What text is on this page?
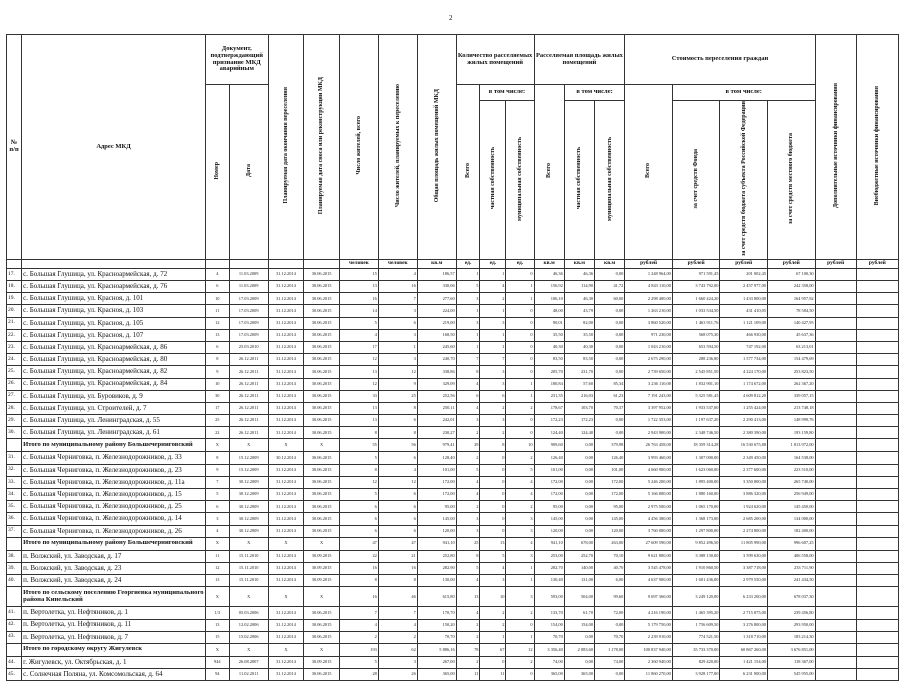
2
№ п/п	Адрес МКД	Документ, подтверждающий признание МКД аварийным		Планируемая дата окончания переселения	Планируемая дата сноса или реконструкции МКД	Число жителей, всего	Число жителей, планируемых к переселению	Общая площадь жилых помещений МКД	Количество расселяемых жилых помещений			Расселяемая площадь жилых помещений			Стоимость переселения граждан				Дополнительные источники финансирования	Внебюджетные источники финансирования
		Номер	Дата						Всего	в том числе:		Всего	в том числе:		Всего	в том числе:				
										частная собственность	муниципальная собственность		частная собственность	муниципальная собственность		за счет средств Фонда	за счет средств бюджета субъекта Российской Федерации	за счет средств местного бюджета		
						человек	человек	кв.м	ед.	ед.	ед.	кв.м	кв.м	кв.м	рублей	рублей	рублей	рублей	рублей	рублей
17.	с. Большая Глушица, ул. Красноармейская, д. 72	4	11.03.2009	31.12.2014	30.06.2015	15	4	186,57	1	1	0	46,36	46,36	0,00	1 248 964,00	971 591,45	201 002,45	67 100,30		
18.	с. Большая Глушица, ул. Красноармейская, д. 76	6	11.03.2009	31.12.2014	30.06.2015	13	16	330,06	5	4	1	156,92	114,90	41,72	4 843 110,00	3 743 792,00	2 457 977,00	242 358,00		
19.	с. Большая Глушица, ул. Красноя, д. 101	10	17.03.2009	31.12.2014	30.06.2015	16	7	277,60	3	2	1	106,10	46,30	60,00	2 298 400,00	1 660 424,20	1 433 800,00	164 957,92		
20.	с. Большая Глушица, ул. Красноя, д. 103	11	17.03.2009	31.12.2014	30.06.2015	14	3	224,00	1	1	0	48,00	43,79	0,00	1 263 210,00	1 033 534,50	431 410,05	78 584,50		
21.	с. Большая Глушица, ул. Красноя, д. 105	12	17.03.2009	31.12.2014	30.06.2015	5	6	219,00	3	3	0	90,01	82,00	0,00	3 860 520,00	1 463 911,76	1 121 109,00	140 427,95		
22.	с. Большая Глушица, ул. Красноя, д. 107	13	17.03.2009	31.12.2014	30.06.2015	4	3	168,50	1	1	0	35,50	35,50	0,00	971 230,00	568 075,30	466 930,00	45 637,36		
23.	с. Большая Глушица, ул. Красноармейская, д. 86	6	25.03.2010	31.12.2014	30.06.2015	17	1	245,60	1	1	0	40,30	40,30	0,00	1 043 210,00	653 594,50	747 192,00	63 213,01		
24.	с. Большая Глушица, ул. Красноармейская, д. 80	8	26.12.2011	31.12.2014	30.06.2015	12	3	240,70	7	7	0	83,50	83,50	0,00	2 675 290,00	288 236,80	1 577 734,00	154 479,69		
25.	с. Большая Глушица, ул. Красноармейская, д. 82	9	26.12.2011	31.12.2014	30.06.2015	13	12	338,86	8	3	0	205,70	231,70	0,00	2 739 650,00	2 545 851,50	4 224 170,00	253 823,50		
26.	с. Большая Глушица, ул. Красноармейская, д. 84	10	26.12.2011	31.12.2014	30.06.2015	12	9	329,09	4	3	1	180,84	57,60	85,34	3 236 110,00	1 832 901,10	1 174 672,00	262 367,20		
27.	с. Большая Глушица, ул. Буровиков, д. 9	30	26.12.2011	31.12.2014	30.06.2015	33	25	252,56	6	6	1	231,35	216,03	61,23	7 191 243,00	5 325 581,45	4 609 812,20	339 057,15		
28.	с. Большая Глушица, ул. Строителей, д. 7	17	26.12.2011	31.12.2014	30.06.2015	13	8	250,11	4	2	2	178,67	103,70	70,37	3 397 952,00	1 933 537,00	1 255 424,00	213 748,18		
29.	с. Большая Глушица, ул. Ленинградская, д. 55	25	26.12.2011	31.12.2014	30.06.2015	13	6	242,01	3	3	0	172,23	172,23	0,00	1 722 353,00	1 197 637,20	2 290 413,00	148 999,76		
30.	с. Большая Глушица, ул. Ленинградская, д. 61	22	26.12.2011	31.12.2014	30.06.2015	8	8	230,27	2	2	0	124,40	124,40	0,00	2 943 900,00	2 348 746,50	2 380 390,00	193 159,80		
	Итого по муниципальному району Большечерниговский	X	X	X	X	55	56	979,41	29	8	10	909,60	0,00	379,98	26 763 458,00	18 359 314,28	16 530 675,88	1 813 972,00		
31.	с. Большая Черниговка, п. Железнодорожников, д. 33	8	15.12.2009	30.12.2014	30.06.2015	5	6	128,40	2	0	2	126,40	0,00	126,40	3 993 460,00	1 307 000,00	2 349 450,00	164 538,00		
32.	с. Большая Черниговка, п. Железнодорожников, д. 23	9	15.12.2009	31.12.2014	30.06.2015	8	4	101,00	5	0	5	101,00	0,00	101,00	4 660 900,00	1 623 060,00	2 377 600,00	223 510,00		
33.	с. Большая Черниговка, п. Железнодорожников, д. 11а	7	30.12.2009	31.12.2014	30.06.2015	12	12	172,00	4	0	4	172,00	0,00	172,00	5 246 200,00	1 895 400,00	3 350 800,00	265 740,00		
34.	с. Большая Черниговка, п. Железнодорожников, д. 15	5	30.12.2009	31.12.2014	30.06.2015	5	6	172,00	4	0	4	172,00	0,00	172,00	5 166 800,00	1 880 160,00	3 886 320,00	256 949,00		
35.	с. Большая Черниговка, п. Железнодорожников, д. 25	6	30.12.2009	31.12.2014	30.06.2015	6	6	95,00	2	0	2	95,00	0,00	95,00	2 975 500,00	1 065 170,00	1 924 620,00	145 450,00		
36.	с. Большая Черниговка, п. Железнодорожников, д. 14	3	30.12.2009	31.12.2014	30.06.2015	6	6	145,00	3	0	3	145,00	0,00	145,00	4 456 380,00	1 368 173,00	2 685 200,00	134 000,00		
37.	с. Большая Черниговка, п. Железнодорожников, д. 26	4	30.12.2009	31.12.2014	30.06.2015	6	6	120,00	3	0	3	120,00	0,00	120,00	3 760 000,00	1 297 800,00	2 274 800,00	182 400,00		
	Итого по муниципальному району Большечерниговский	X	X	X	X	47	47	941,10	25	13	4	941,10	678,00	263,00	27 609 590,00	9 852 496,50	11 805 990,00	996 607,25		
38.	п. Волжский, ул. Заводская, д. 17	11	15.11.2010	31.12.2014	30.09.2015	22	21	252,80	8	5	3	253,00	252,70	70,10	9 621 800,00	3 388 130,00	3 599 630,00	406 558,00		
39.	п. Волжский, ул. Заводская, д. 23	12	15.11.2010	31.12.2014	30.09.2015	16	16	282,90	5	4	1	282,70	140,00	40,70	3 545 478,00	1 910 860,50	3 387 718,00	233 711,90		
40.	п. Волжский, ул. Заводская, д. 24	13	15.11.2010	31.12.2014	30.09.2015	8	8	130,00	4	3	1	130,40	131,00	6,00	4 637 900,00	1 601 436,00	2 979 550,00	241 434,50		
	Итого по сельскому поселению Георгиевка муниципального района Кинельский	X	X	X	X	16	46	615,80	13	10	3	593,00	504,00	99,60	9 697 360,00	3 249 120,00	6 233 200,00	678 037,30		
41.	п. Вертолетка, ул. Нефтяников, д. 1	1/3	05.03.2006	31.12.2014	30.06.2015	7	7	170,70	4	2	2	133,70	61,70	72,00	4 216 190,00	1 465 395,20	2 715 875,00	239 456,80		
42.	п. Вертолетка, ул. Нефтяников, д. 11	13	12.02.2006	31.12.2014	30.06.2015	4	4	150,20	2	2	0	154,00	154,00	0,00	5 179 750,00	1 756 609,50	3 276 800,00	293 950,00		
43.	п. Вертолетка, ул. Нефтяников, д. 7	15	15.02.2006	31.12.2014	30.06.2015	2	2	70,70	2	1	1	70,70	0,00	70,70	2 239 910,00	774 521,50	1 318 710,00	183 214,30		
	Итого по городскому округу Жигулевск	X	X	X	X	193	62	5 886,16	78	67	12	3 356,40	2 083,60	1 178,00	100 837 940,00	35 733 370,00	60 867 260,00	3 676 851,00		
44.	г. Жигулевск, ул. Октябрьская, д. 1	944	26.08.2007	31.12.2014	30.09.2015	5	3	267,00	2	0	2	74,00	0,00	74,00	2 360 940,00	829 420,00	1 421 154,00	118 367,00		
45.	с. Солнечная Поляна, ул. Комсомольская, д. 64	94	11.02.2011	31.12.2014	30.06.2015	28	26	365,00	11	11	0	365,00	365,00	0,00	11 860 270,00	3 928 177,00	6 231 900,00	545 955,00		
